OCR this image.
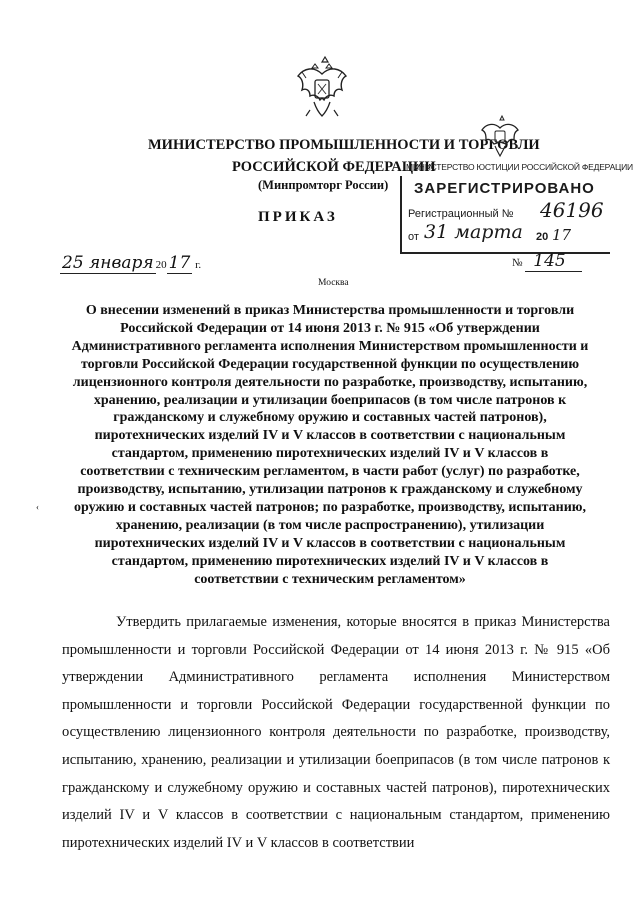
МИНИСТЕРСТВО ПРОМЫШЛЕННОСТИ И ТОРГОВЛИ
РОССИЙСКОЙ ФЕДЕРАЦИИ
(Минпромторг России)
ПРИКАЗ
МИНИСТЕРСТВО ЮСТИЦИИ РОССИЙСКОЙ ФЕДЕРАЦИИ
ЗАРЕГИСТРИРОВАНО
Регистрационный № 46196
от 31 марта 20 17
25 января 20 17 г.	№ 145
Москва
‹
О внесении изменений в приказ Министерства промышленности и торговли Российской Федерации от 14 июня 2013 г. № 915 «Об утверждении Административного регламента исполнения Министерством промышленности и торговли Российской Федерации государственной функции по осуществлению лицензионного контроля деятельности по разработке, производству, испытанию, хранению, реализации и утилизации боеприпасов (в том числе патронов к гражданскому и служебному оружию и составных частей патронов), пиротехнических изделий IV и V классов в соответствии с национальным стандартом, применению пиротехнических изделий IV и V классов в соответствии с техническим регламентом, в части работ (услуг) по разработке, производству, испытанию, утилизации патронов к гражданскому и служебному оружию и составных частей патронов; по разработке, производству, испытанию, хранению, реализации (в том числе распространению), утилизации пиротехнических изделий IV и V классов в соответствии с национальным стандартом, применению пиротехнических изделий IV и V классов в соответствии с техническим регламентом»
Утвердить прилагаемые изменения, которые вносятся в приказ Министерства промышленности и торговли Российской Федерации от 14 июня 2013 г. № 915 «Об утверждении Административного регламента исполнения Министерством промышленности и торговли Российской Федерации государственной функции по осуществлению лицензионного контроля деятельности по разработке, производству, испытанию, хранению, реализации и утилизации боеприпасов (в том числе патронов к гражданскому и служебному оружию и составных частей патронов), пиротехнических изделий IV и V классов в соответствии с национальным стандартом, применению пиротехнических изделий IV и V классов в соответствии
